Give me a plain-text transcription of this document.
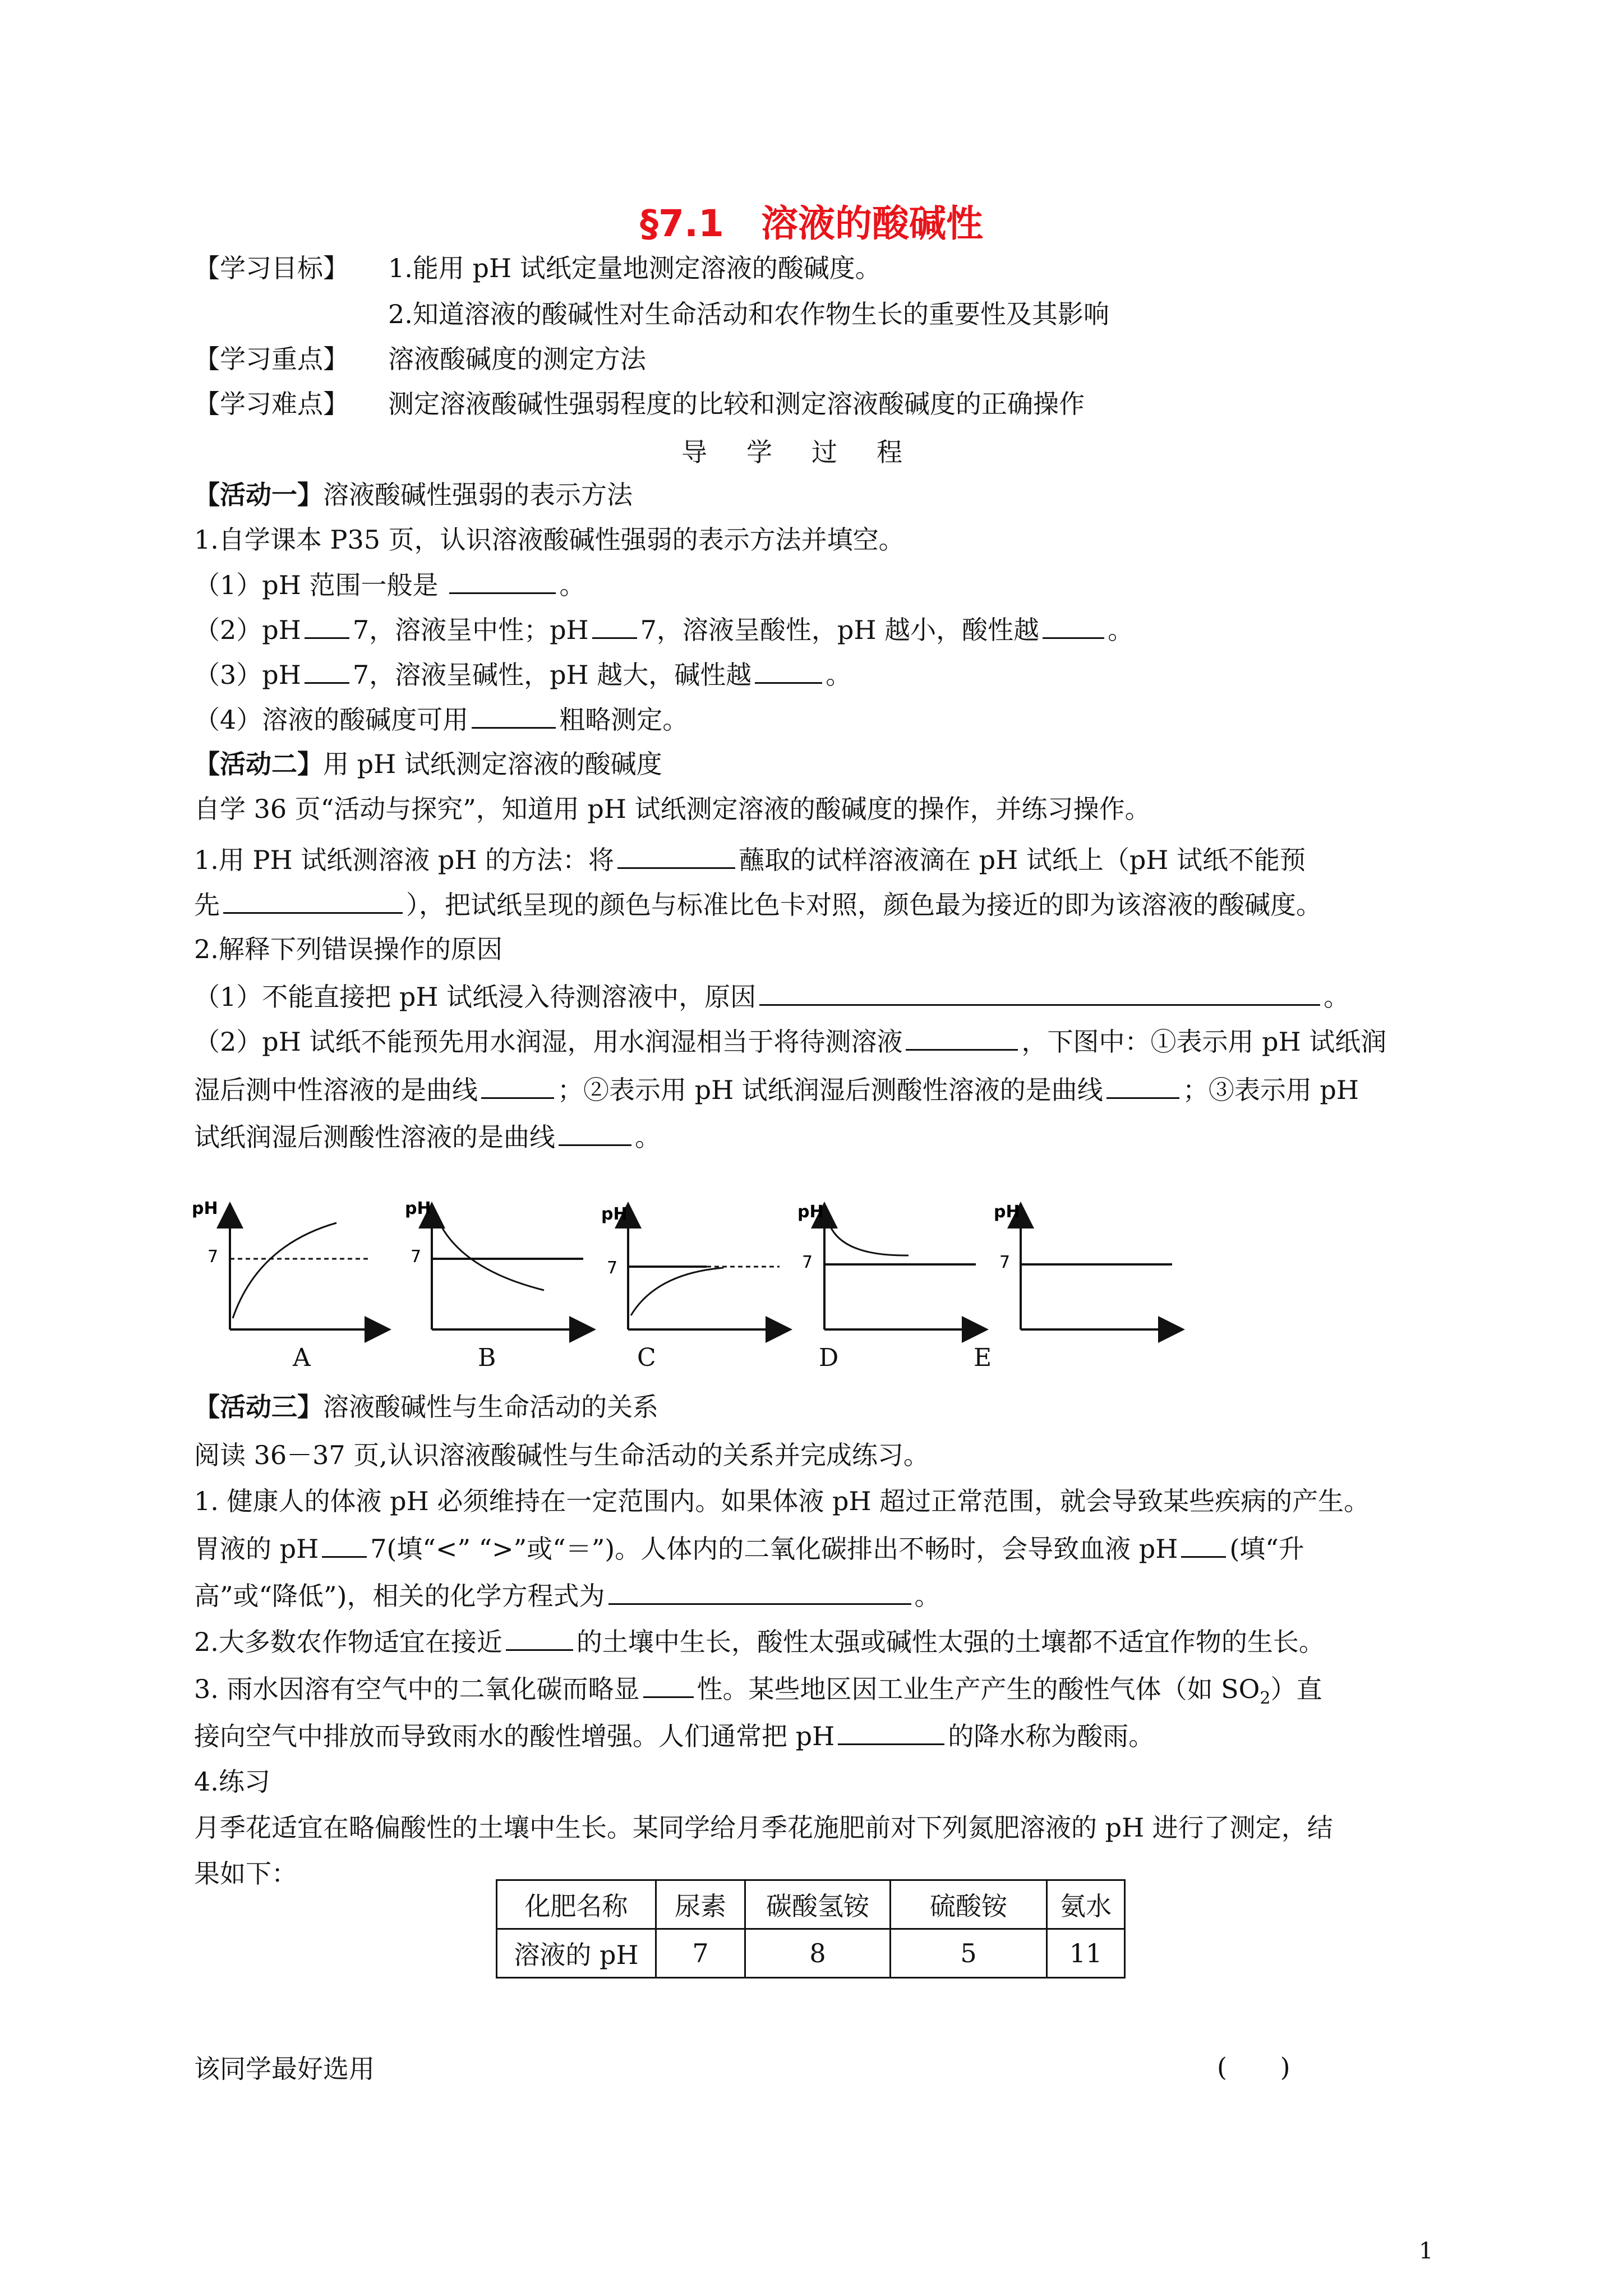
§7.1　溶液的酸碱性
【学习目标】 1.能用 pH 试纸定量地测定溶液的酸碱度。
2.知道溶液的酸碱性对生命活动和农作物生长的重要性及其影响
【学习重点】 溶液酸碱度的测定方法
【学习难点】 测定溶液酸碱性强弱程度的比较和测定溶液酸碱度的正确操作
导学过程
【活动一】溶液酸碱性强弱的表示方法
1.自学课本 P35 页，认识溶液酸碱性强弱的表示方法并填空。
（1）pH 范围一般是	。
（2）pH 7，溶液呈中性；pH 7，溶液呈酸性，pH 越小，酸性越	。
（3）pH 7，溶液呈碱性，pH 越大，碱性越	。
（4）溶液的酸碱度可用	粗略测定。
【活动二】用 pH 试纸测定溶液的酸碱度
自学 36 页“活动与探究”，知道用 pH 试纸测定溶液的酸碱度的操作，并练习操作。
1.用 PH 试纸测溶液 pH 的方法：将	蘸取的试样溶液滴在 pH 试纸上（pH 试纸不能预
先	），把试纸呈现的颜色与标准比色卡对照，颜色最为接近的即为该溶液的酸碱度。
2.解释下列错误操作的原因
（1）不能直接把 pH 试纸浸入待测溶液中，原因	。
（2）pH 试纸不能预先用水润湿，用水润湿相当于将待测溶液	，下图中：①表示用 pH 试纸润
湿后测中性溶液的是曲线	；②表示用 pH 试纸润湿后测酸性溶液的是曲线	；③表示用 pH
试纸润湿后测酸性溶液的是曲线	。
pH
7
pH
7
pH
7
pH
7
pH
7
A	B	C	D	E
【活动三】溶液酸碱性与生命活动的关系
阅读 36－37 页,认识溶液酸碱性与生命活动的关系并完成练习。
1. 健康人的体液 pH 必须维持在一定范围内。如果体液 pH 超过正常范围，就会导致某些疾病的产生。
胃液的 pH 7(填“<” “>”或“＝”)。人体内的二氧化碳排出不畅时，会导致血液 pH (填“升
高”或“降低”)，相关的化学方程式为	。
2.大多数农作物适宜在接近	的土壤中生长，酸性太强或碱性太强的土壤都不适宜作物的生长。
3. 雨水因溶有空气中的二氧化碳而略显 性。某些地区因工业生产产生的酸性气体（如 $SO_2$）直
接向空气中排放而导致雨水的酸性增强。人们通常把 pH	的降水称为酸雨。
4.练习
月季花适宜在略偏酸性的土壤中生长。某同学给月季花施肥前对下列氮肥溶液的 pH 进行了测定，结
果如下：
化肥名称	尿素	碳酸氢铵	硫酸铵	氨水
溶液的 pH	7	8	5	11
该同学最好选用	( )
1
